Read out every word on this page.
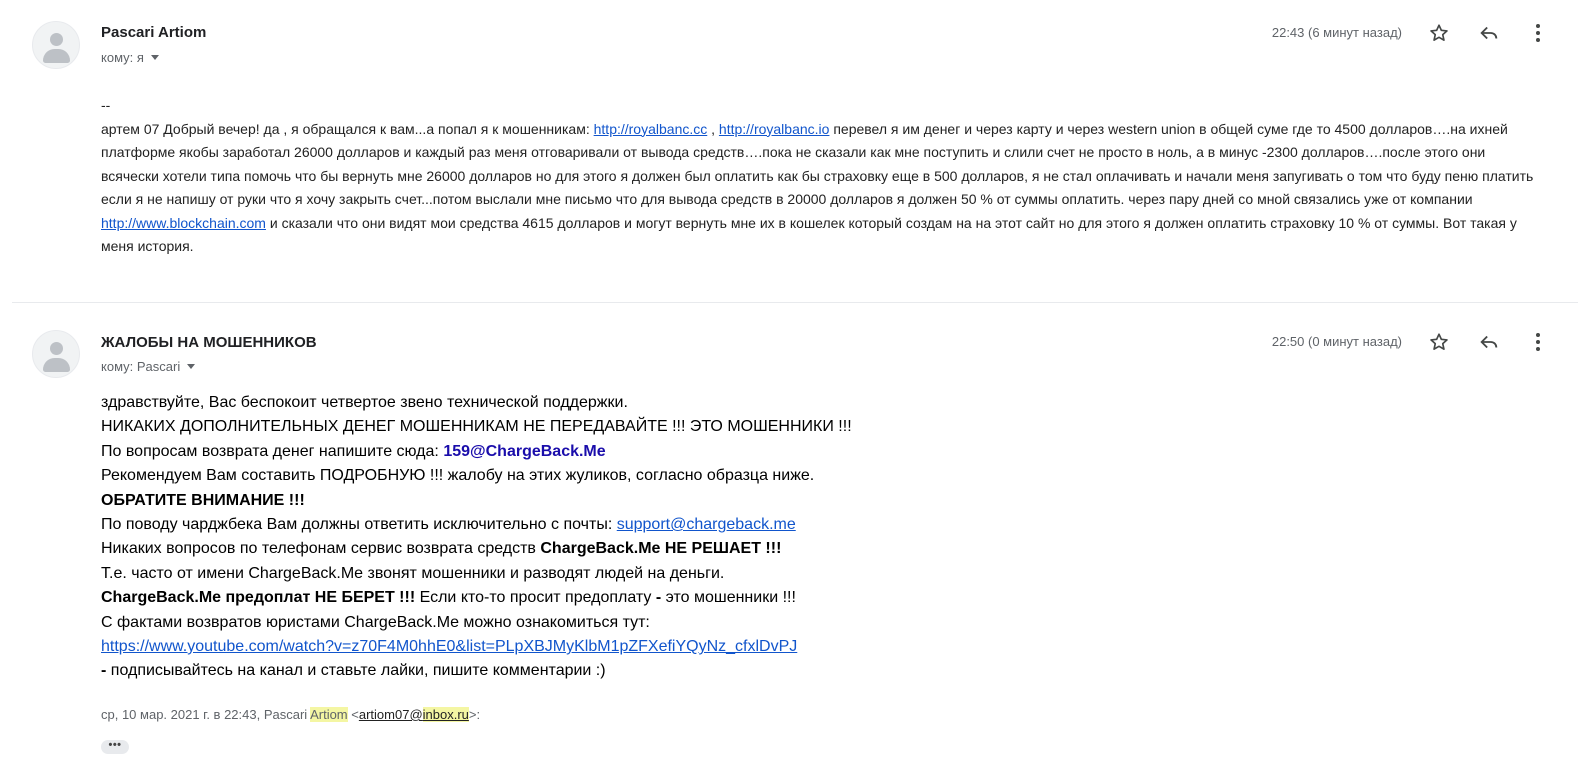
Pascari Artiom
кому: я
22:43 (6 минут назад)

--

артем 07 Добрый вечер! да , я обращался к вам...а попал я к мошенникам: http://royalbanc.cc , http://royalbanc.io перевел я им денег и через карту и через western union в общей суме где то 4500 долларов….на ихней платформе якобы заработал 26000 долларов и каждый раз меня отговаривали от вывода средств….пока не сказали как мне поступить и слили счет не просто в ноль, а в минус -2300 долларов….после этого они всячески хотели типа помочь что бы вернуть мне 26000 долларов но для этого я должен был оплатить как бы страховку еще в 500 долларов, я не стал оплачивать и начали меня запугивать о том что буду пеню платить если я не напишу от руки что я хочу закрыть счет...потом выслали мне письмо что для вывода средств в 20000 долларов я должен 50 % от суммы оплатить. через пару дней со мной связались уже от компании http://www.blockchain.com и сказали что они видят мои средства 4615 долларов и могут вернуть мне их в кошелек который создам на на этот сайт но для этого я должен оплатить страховку 10 % от суммы. Вот такая у меня история.

ЖАЛОБЫ НА МОШЕННИКОВ
кому: Pascari
22:50 (0 минут назад)

здравствуйте, Вас беспокоит четвертое звено технической поддержки.

НИКАКИХ ДОПОЛНИТЕЛЬНЫХ ДЕНЕГ МОШЕННИКАМ НЕ ПЕРЕДАВАЙТЕ !!! ЭТО МОШЕННИКИ !!!

По вопросам возврата денег напишите сюда: 159@ChargeBack.Me

Рекомендуем Вам составить ПОДРОБНУЮ !!! жалобу на этих жуликов, согласно образца ниже.

ОБРАТИТЕ ВНИМАНИЕ !!!

По поводу чарджбека Вам должны ответить исключительно с почты: support@chargeback.me

Никаких вопросов по телефонам сервис возврата средств ChargeBack.Me НЕ РЕШАЕТ !!!

Т.е. часто от имени ChargeBack.Me звонят мошенники и разводят людей на деньги.

ChargeBack.Me предоплат НЕ БЕРЕТ !!! Если кто-то просит предоплату - это мошенники !!!

С фактами возвратов юристами ChargeBack.Me можно ознакомиться тут:

https://www.youtube.com/watch?v=z70F4M0hhE0&list=PLpXBJMyKlbM1pZFXefiYQyNz_cfxlDvPJ

- подписывайтесь на канал и ставьте лайки, пишите комментарии :)

ср, 10 мар. 2021 г. в 22:43, Pascari Artiom <artiom07@inbox.ru>:
•••
